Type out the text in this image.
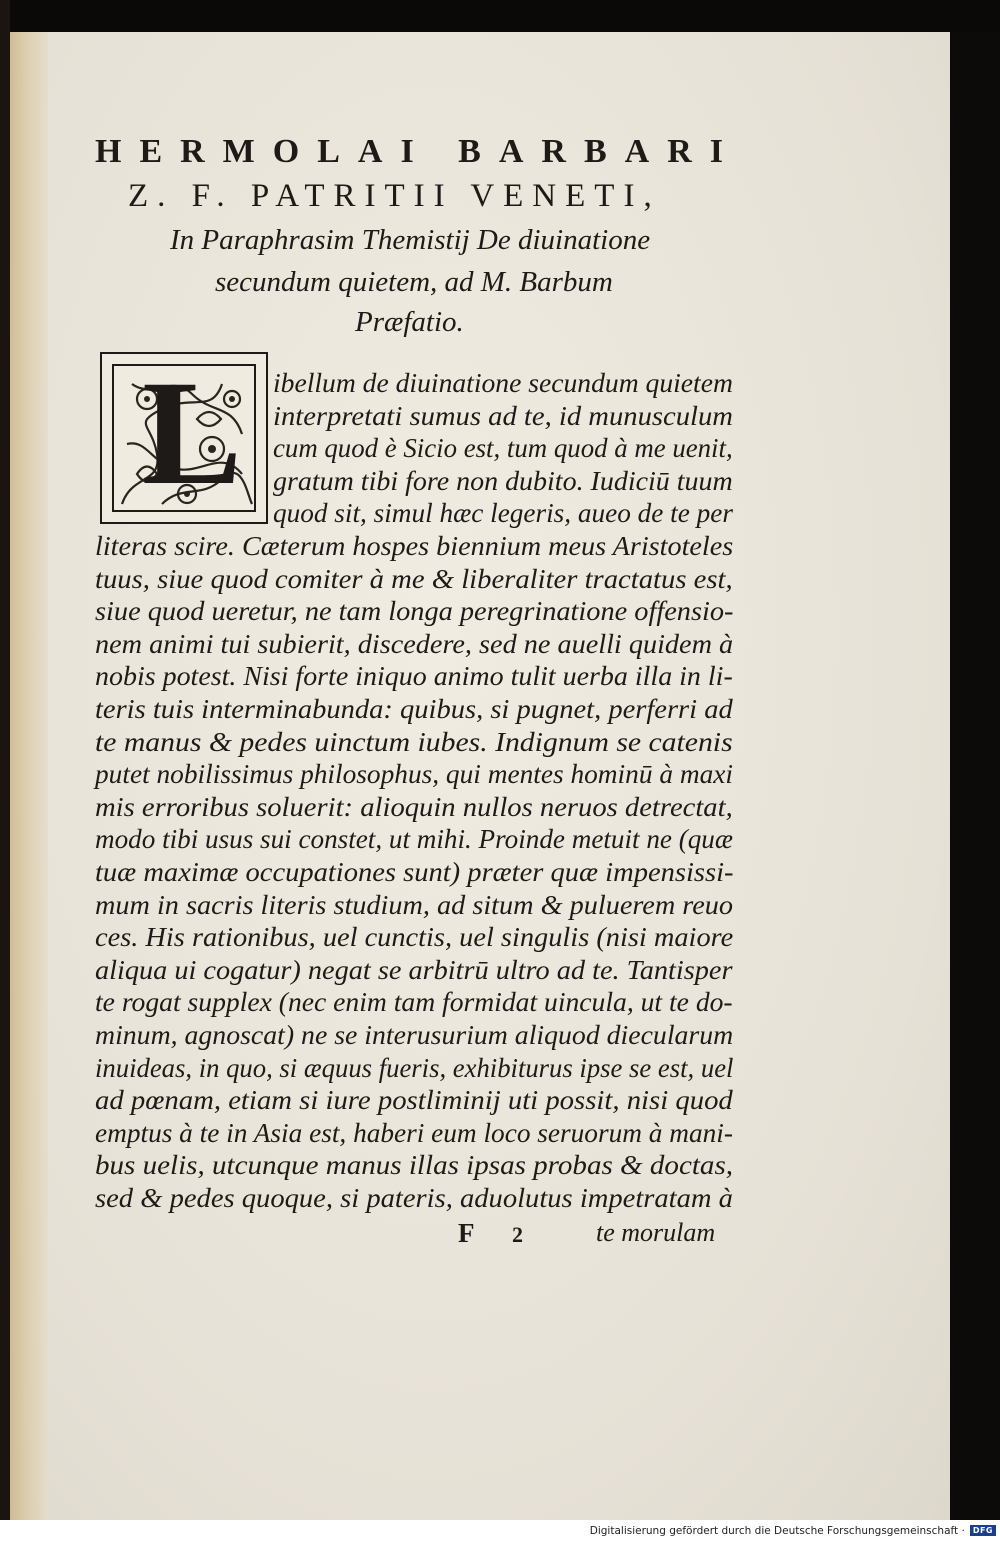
HERMOLAI BARBARI
Z. F. PATRITII VENETI,
In Paraphrasim Themistij De diuinatione
secundum quietem, ad M. Barbum
Præfatio.
L ibellum de diuinatione secundum quietem
interpretati sumus ad te, id munusculum
cum quod è Sicio est, tum quod à me uenit,
gratum tibi fore non dubito. Iudiciū tuum
quod sit, simul hæc legeris, aueo de te per
literas scire. Cæterum hospes biennium meus Aristoteles
tuus, siue quod comiter à me & liberaliter tractatus est,
siue quod ueretur, ne tam longa peregrinatione offensio-
nem animi tui subierit, discedere, sed ne auelli quidem à
nobis potest. Nisi forte iniquo animo tulit uerba illa in li-
teris tuis interminabunda: quibus, si pugnet, perferri ad
te manus & pedes uinctum iubes. Indignum se catenis
putet nobilissimus philosophus, qui mentes hominū à maxi
mis erroribus soluerit: alioquin nullos neruos detrectat,
modo tibi usus sui constet, ut mihi. Proinde metuit ne (quæ
tuæ maximæ occupationes sunt) præter quæ impensissi-
mum in sacris literis studium, ad situm & puluerem reuo
ces. His rationibus, uel cunctis, uel singulis (nisi maiore
aliqua ui cogatur) negat se arbitrū ultro ad te. Tantisper
te rogat supplex (nec enim tam formidat uincula, ut te do-
minum, agnoscat) ne se interusurium aliquod diecularum
inuideas, in quo, si æquus fueris, exhibiturus ipse se est, uel
ad pœnam, etiam si iure postliminij uti possit, nisi quod
emptus à te in Asia est, haberi eum loco seruorum à mani-
bus uelis, utcunque manus illas ipsas probas & doctas,
sed & pedes quoque, si pateris, aduolutus impetratam à
F 2	te morulam
Digitalisierung gefördert durch die Deutsche Forschungsgemeinschaft ·	DFG
